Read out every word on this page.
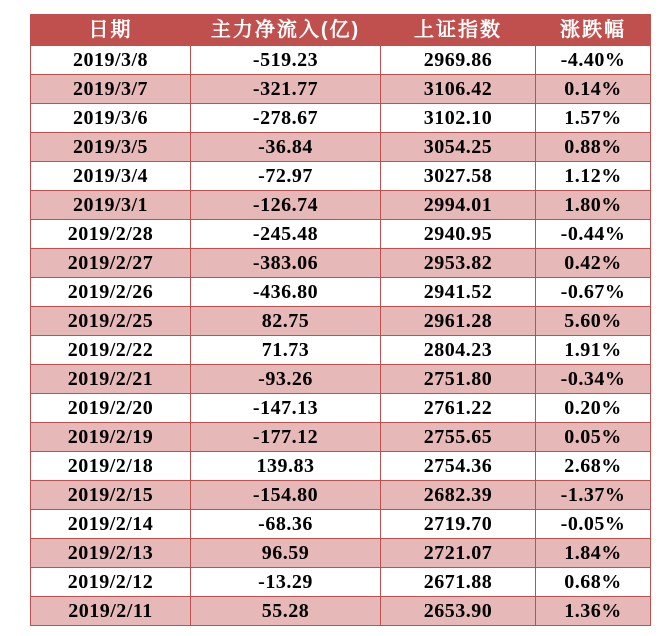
日期	主力净流入(亿)	上证指数	涨跌幅
2019/3/8	-519.23	2969.86	-4.40%
2019/3/7	-321.77	3106.42	0.14%
2019/3/6	-278.67	3102.10	1.57%
2019/3/5	-36.84	3054.25	0.88%
2019/3/4	-72.97	3027.58	1.12%
2019/3/1	-126.74	2994.01	1.80%
2019/2/28	-245.48	2940.95	-0.44%
2019/2/27	-383.06	2953.82	0.42%
2019/2/26	-436.80	2941.52	-0.67%
2019/2/25	82.75	2961.28	5.60%
2019/2/22	71.73	2804.23	1.91%
2019/2/21	-93.26	2751.80	-0.34%
2019/2/20	-147.13	2761.22	0.20%
2019/2/19	-177.12	2755.65	0.05%
2019/2/18	139.83	2754.36	2.68%
2019/2/15	-154.80	2682.39	-1.37%
2019/2/14	-68.36	2719.70	-0.05%
2019/2/13	96.59	2721.07	1.84%
2019/2/12	-13.29	2671.88	0.68%
2019/2/11	55.28	2653.90	1.36%
